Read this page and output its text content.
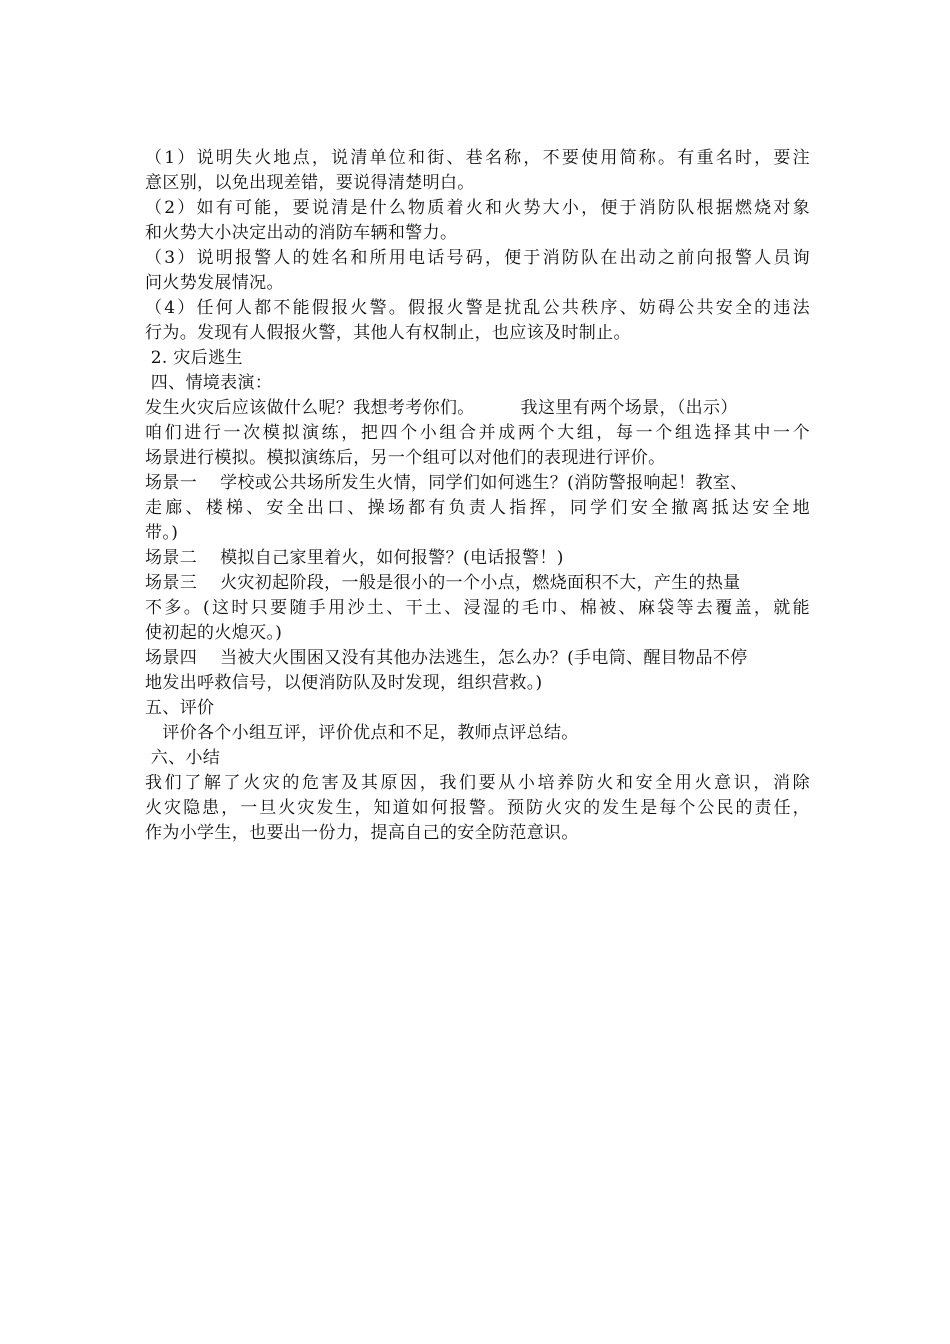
（1）说明失火地点，说清单位和街、巷名称，不要使用简称。有重名时，要注
意区别，以免出现差错，要说得清楚明白。
（2）如有可能，要说清是什么物质着火和火势大小，便于消防队根据燃烧对象
和火势大小决定出动的消防车辆和警力。
（3）说明报警人的姓名和所用电话号码，便于消防队在出动之前向报警人员询
问火势发展情况。
（4）任何人都不能假报火警。假报火警是扰乱公共秩序、妨碍公共安全的违法
行为。发现有人假报火警，其他人有权制止，也应该及时制止。
2. 灾后逃生
四、情境表演：
发生火灾后应该做什么呢？我想考考你们。        我这里有两个场景，（出示）
咱们进行一次模拟演练，把四个小组合并成两个大组，每一个组选择其中一个
场景进行模拟。模拟演练后，另一个组可以对他们的表现进行评价。
场景一    学校或公共场所发生火情，同学们如何逃生？(消防警报响起！教室、
走廊、楼梯、安全出口、操场都有负责人指挥，同学们安全撤离抵达安全地
带。)
场景二    模拟自己家里着火，如何报警？(电话报警！)
场景三    火灾初起阶段，一般是很小的一个小点，燃烧面积不大，产生的热量
不多。(这时只要随手用沙土、干土、浸湿的毛巾、棉被、麻袋等去覆盖，就能
使初起的火熄灭。)
场景四    当被大火围困又没有其他办法逃生，怎么办？(手电筒、醒目物品不停
地发出呼救信号，以便消防队及时发现，组织营救。)
五、评价
评价各个小组互评，评价优点和不足，教师点评总结。
六、小结
我们了解了火灾的危害及其原因，我们要从小培养防火和安全用火意识，消除
火灾隐患，一旦火灾发生，知道如何报警。预防火灾的发生是每个公民的责任，
作为小学生，也要出一份力，提高自己的安全防范意识。
